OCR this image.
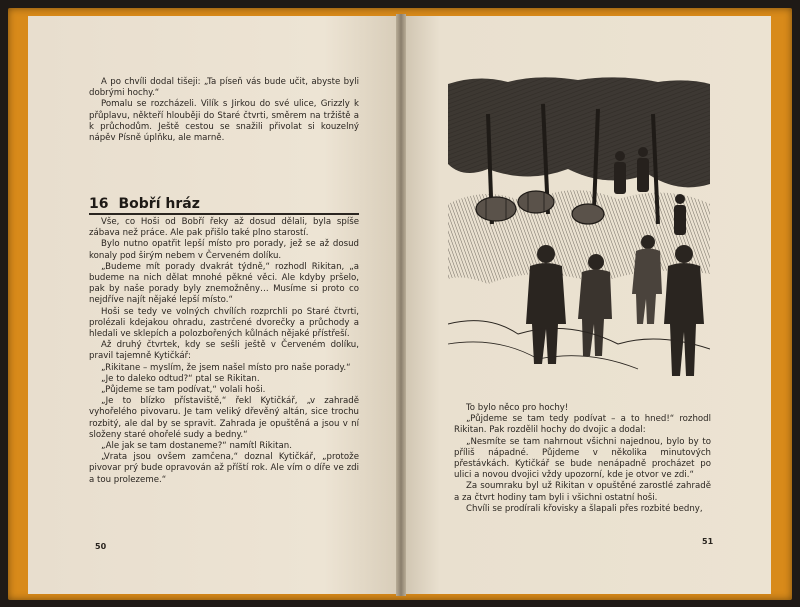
A po chvíli dodal tišeji: „Ta píseň vás bude učit, abyste byli dobrými hochy.“

Pomalu se rozcházeli. Vilík s Jirkou do své ulice, Grizzly k přůplavu, někteří hlouběji do Staré čtvrti, směrem na tržiště a k průchodům. Ještě cestou se snažili přivolat si kouzelný nápěv Písně úplňku, ale marně.

16 Bobří hráz

Vše, co Hoši od Bobří řeky až dosud dělali, byla spíše zábava než práce. Ale pak přišlo také plno starostí.

Bylo nutno opatřit lepší místo pro porady, jež se až dosud konaly pod širým nebem v Červeném dolíku.

„Budeme mít porady dvakrát týdně,“ rozhodl Rikitan, „a budeme na nich dělat mnohé pěkné věci. Ale kdyby pršelo, pak by naše porady byly znemožněny… Musíme si proto co nejdříve najít nějaké lepší místo.“

Hoši se tedy ve volných chvílích rozprchli po Staré čtvrti, prolézali kdejakou ohradu, zastrčené dvorečky a průchody a hledali ve sklepích a polozbořených kůlnách nějaké přístřeší.

Až druhý čtvrtek, kdy se sešli ještě v Červeném dolíku, pravil tajemně Kytičkář:

„Rikitane – myslím, že jsem našel místo pro naše porady.“

„Je to daleko odtud?“ ptal se Rikitan.

„Půjdeme se tam podívat,“ volali hoši.

„Je to blízko přístaviště,“ řekl Kytičkář, „v zahradě vyhořelého pivovaru. Je tam veliký dřevěný altán, sice trochu rozbitý, ale dal by se spravit. Zahrada je opuštěná a jsou v ní složeny staré ohořelé sudy a bedny.“

„Ale jak se tam dostaneme?“ namítl Rikitan.

„Vrata jsou ovšem zamčena,“ doznal Kytičkář, „protože pivovar prý bude opravován až příští rok. Ale vím o díře ve zdi a tou prolezeme.“

50

To bylo něco pro hochy!

„Půjdeme se tam tedy podívat – a to hned!“ rozhodl Rikitan. Pak rozdělil hochy do dvojic a dodal:

„Nesmíte se tam nahrnout všichni najednou, bylo by to příliš nápadné. Půjdeme v několika minutových přestávkách. Kytičkář se bude nenápadně procházet po ulici a novou dvojici vždy upozorní, kde je otvor ve zdi.“

Za soumraku byl už Rikitan v opuštěné zarostlé zahradě a za čtvrt hodiny tam byli i všichni ostatní hoši.

Chvíli se prodírali křovisky a šlapali přes rozbité bedny,

51
